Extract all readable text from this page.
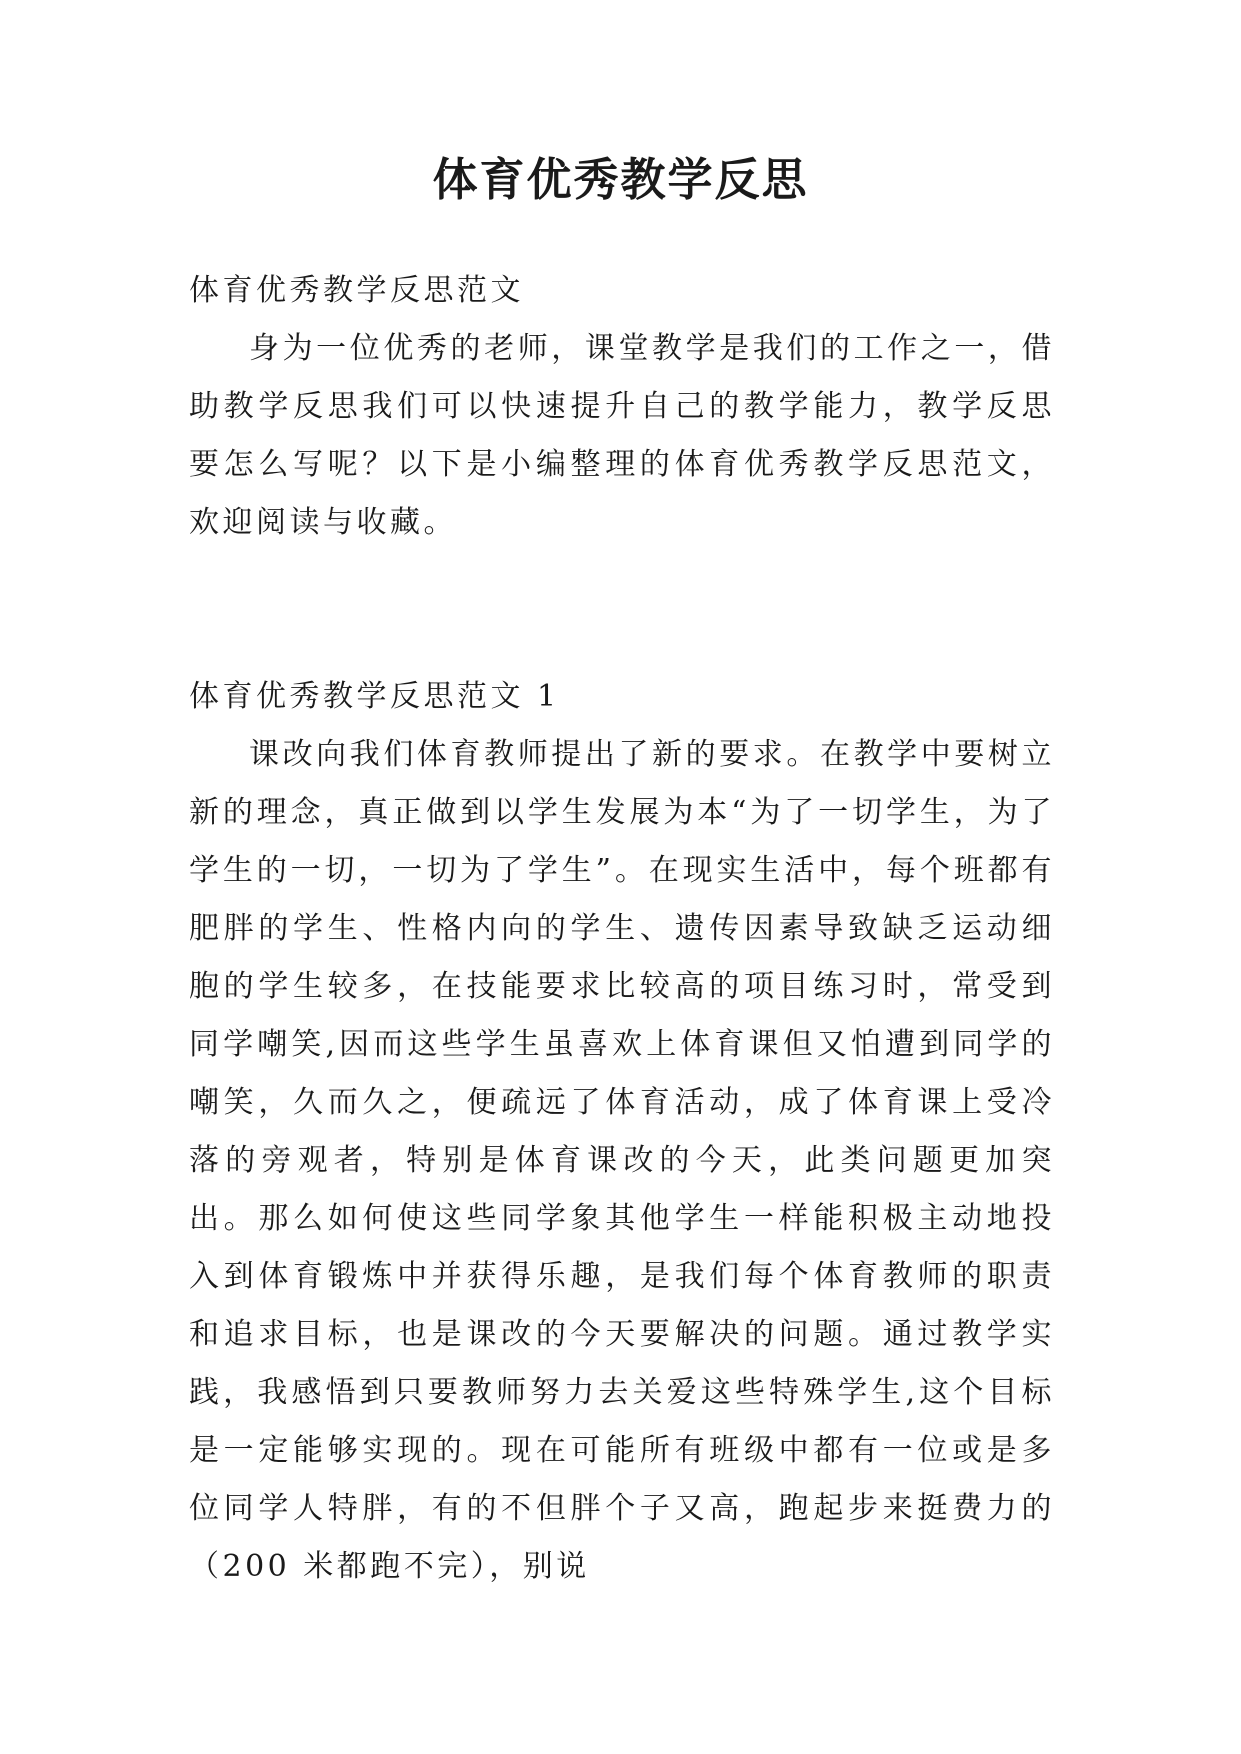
体育优秀教学反思
体育优秀教学反思范文

身为一位优秀的老师，课堂教学是我们的工作之一，借助教学反思我们可以快速提升自己的教学能力，教学反思要怎么写呢？以下是小编整理的体育优秀教学反思范文，欢迎阅读与收藏。

体育优秀教学反思范文 1

课改向我们体育教师提出了新的要求。在教学中要树立新的理念，真正做到以学生发展为本“为了一切学生，为了学生的一切，一切为了学生”。在现实生活中，每个班都有肥胖的学生、性格内向的学生、遗传因素导致缺乏运动细胞的学生较多，在技能要求比较高的项目练习时，常受到同学嘲笑,因而这些学生虽喜欢上体育课但又怕遭到同学的嘲笑，久而久之，便疏远了体育活动，成了体育课上受冷落的旁观者，特别是体育课改的今天，此类问题更加突出。那么如何使这些同学象其他学生一样能积极主动地投入到体育锻炼中并获得乐趣，是我们每个体育教师的职责和追求目标，也是课改的今天要解决的问题。通过教学实践，我感悟到只要教师努力去关爱这些特殊学生,这个目标是一定能够实现的。现在可能所有班级中都有一位或是多位同学人特胖，有的不但胖个子又高，跑起步来挺费力的（200 米都跑不完），别说
